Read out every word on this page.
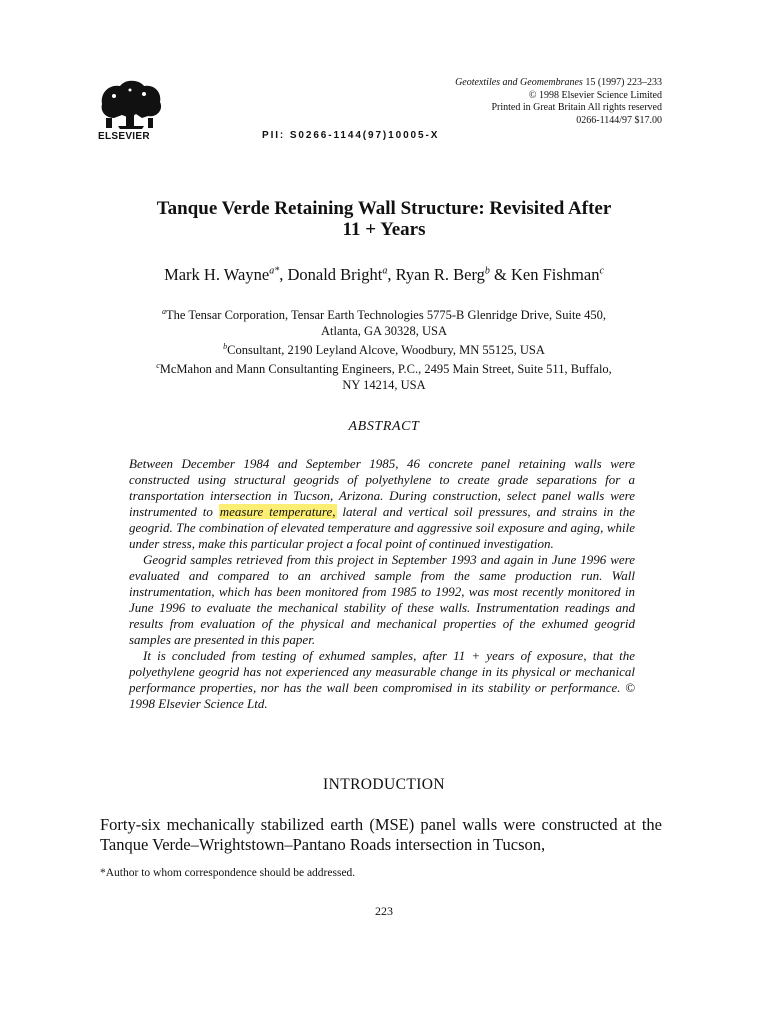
ELSEVIER	PII: S0266-1144(97)10005-X
Geotextiles and Geomembranes 15 (1997) 223–233
© 1998 Elsevier Science Limited
Printed in Great Britain All rights reserved
0266-1144/97 $17.00
Tanque Verde Retaining Wall Structure: Revisited After
11 + Years
Mark H. Wayne$^{a*}$, Donald Bright$^a$, Ryan R. Berg$^b$ & Ken Fishman$^c$
$^a$The Tensar Corporation, Tensar Earth Technologies 5775-B Glenridge Drive, Suite 450,
Atlanta, GA 30328, USA
$^b$Consultant, 2190 Leyland Alcove, Woodbury, MN 55125, USA
$^c$McMahon and Mann Consultanting Engineers, P.C., 2495 Main Street, Suite 511, Buffalo,
NY 14214, USA
ABSTRACT

Between December 1984 and September 1985, 46 concrete panel retaining walls were constructed using structural geogrids of polyethylene to create grade separations for a transportation intersection in Tucson, Arizona. During construction, select panel walls were instrumented to measure temperature, lateral and vertical soil pressures, and strains in the geogrid. The combination of elevated temperature and aggressive soil exposure and aging, while under stress, make this particular project a focal point of continued investigation.

Geogrid samples retrieved from this project in September 1993 and again in June 1996 were evaluated and compared to an archived sample from the same production run. Wall instrumentation, which has been monitored from 1985 to 1992, was most recently monitored in June 1996 to evaluate the mechanical stability of these walls. Instrumentation readings and results from evaluation of the physical and mechanical properties of the exhumed geogrid samples are presented in this paper.

It is concluded from testing of exhumed samples, after 11 + years of exposure, that the polyethylene geogrid has not experienced any measurable change in its physical or mechanical performance properties, nor has the wall been compromised in its stability or performance. © 1998 Elsevier Science Ltd.

INTRODUCTION
Forty-six mechanically stabilized earth (MSE) panel walls were constructed at the Tanque Verde–Wrightstown–Pantano Roads intersection in Tucson,
*Author to whom correspondence should be addressed.
223
